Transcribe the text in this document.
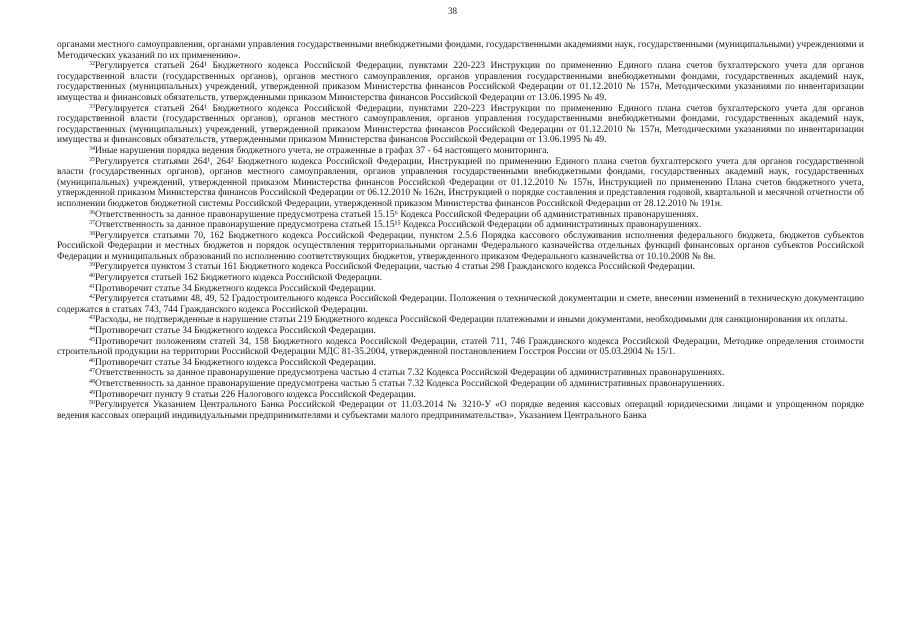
38

органами местного самоуправления, органами управления государственными внебюджетными фондами, государственными академиями наук, государственными (муниципальными) учреждениями и Методических указаний по их применению».

$^{32}$Регулируется статьей 264¹ Бюджетного кодекса Российской Федерации, пунктами 220-223 Инструкции по применению Единого плана счетов бухгалтерского учета для органов государственной власти (государственных органов), органов местного самоуправления, органов управления государственными внебюджетными фондами, государственных академий наук, государственных (муниципальных) учреждений, утвержденной приказом Министерства финансов Российской Федерации от 01.12.2010 № 157н, Методическими указаниями по инвентаризации имущества и финансовых обязательств, утвержденными приказом Министерства финансов Российской Федерации от 13.06.1995 № 49.

$^{33}$Регулируется статьей 264¹ Бюджетного кодекса Российской Федерации, пунктами 220-223 Инструкции по применению Единого плана счетов бухгалтерского учета для органов государственной власти (государственных органов), органов местного самоуправления, органов управления государственными внебюджетными фондами, государственных академий наук, государственных (муниципальных) учреждений, утвержденной приказом Министерства финансов Российской Федерации от 01.12.2010 № 157н, Методическими указаниями по инвентаризации имущества и финансовых обязательств, утвержденными приказом Министерства финансов Российской Федерации от 13.06.1995 № 49.

$^{34}$Иные нарушения порядка ведения бюджетного учета, не отраженные в графах 37 - 64 настоящего мониторинга.

$^{35}$Регулируется статьями 264¹, 264² Бюджетного кодекса Российской Федерации, Инструкцией по применению Единого плана счетов бухгалтерского учета для органов государственной власти (государственных органов), органов местного самоуправления, органов управления государственными внебюджетными фондами, государственных академий наук, государственных (муниципальных) учреждений, утвержденной приказом Министерства финансов Российской Федерации от 01.12.2010 № 157н, Инструкцией по применению Плана счетов бюджетного учета, утвержденной приказом Министерства финансов Российской Федерации от 06.12.2010 № 162н, Инструкцией о порядке составления и представления годовой, квартальной и месячной отчетности об исполнении бюджетов бюджетной системы Российской Федерации, утвержденной приказом Министерства финансов Российской Федерации от 28.12.2010 № 191н.

$^{36}$Ответственность за данное правонарушение предусмотрена статьей 15.15⁶ Кодекса Российской Федерации об административных правонарушениях.

$^{37}$Ответственность за данное правонарушение предусмотрена статьей 15.15¹⁵ Кодекса Российской Федерации об административных правонарушениях.

$^{38}$Регулируется статьями 70, 162 Бюджетного кодекса Российской Федерации, пунктом 2.5.6 Порядка кассового обслуживания исполнения федерального бюджета, бюджетов субъектов Российской Федерации и местных бюджетов и порядок осуществления территориальными органами Федерального казначейства отдельных функций финансовых органов субъектов Российской Федерации и муниципальных образований по исполнению соответствующих бюджетов, утвержденного приказом Федерального казначейства от 10.10.2008 № 8н.

$^{39}$Регулируется пунктом 3 статьи 161 Бюджетного кодекса Российской Федерации, частью 4 статьи 298 Гражданского кодекса Российской Федерации.

$^{40}$Регулируется статьей 162 Бюджетного кодекса Российской Федерации.

$^{41}$Противоречит статье 34 Бюджетного кодекса Российской Федерации.

$^{42}$Регулируется статьями 48, 49, 52 Градостроительного кодекса Российской Федерации. Положения о технической документации и смете, внесении изменений в техническую документацию содержатся в статьях 743, 744 Гражданского кодекса Российской Федерации.

$^{43}$Расходы, не подтвержденные в нарушение статьи 219 Бюджетного кодекса Российской Федерации платежными и иными документами, необходимыми для санкционирования их оплаты.

$^{44}$Противоречит статье 34 Бюджетного кодекса Российской Федерации.

$^{45}$Противоречит положениям статей 34, 158 Бюджетного кодекса Российской Федерации, статей 711, 746 Гражданского кодекса Российской Федерации, Методике определения стоимости строительной продукции на территории Российской Федерации МДС 81-35.2004, утвержденной постановлением Госстроя России от 05.03.2004 № 15/1.

$^{46}$Противоречит статье 34 Бюджетного кодекса Российской Федерации.

$^{47}$Ответственность за данное правонарушение предусмотрена частью 4 статьи 7.32 Кодекса Российской Федерации об административных правонарушениях.

$^{48}$Ответственность за данное правонарушение предусмотрена частью 5 статьи 7.32 Кодекса Российской Федерации об административных правонарушениях.

$^{49}$Противоречит пункту 9 статьи 226 Налогового кодекса Российской Федерации.

$^{50}$Регулируется Указанием Центрального Банка Российской Федерации от 11.03.2014 № 3210-У «О порядке ведения кассовых операций юридическими лицами и упрощенном порядке ведения кассовых операций индивидуальными предпринимателями и субъектами малого предпринимательства», Указанием Центрального Банка
